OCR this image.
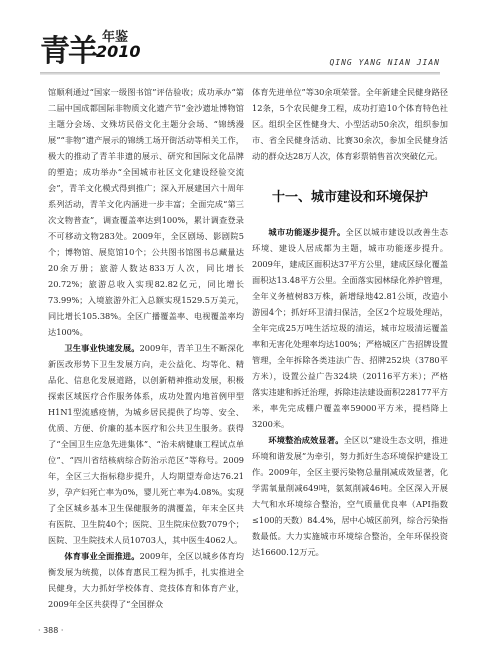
青羊 年鉴
2010
QING YANG NIAN JIAN

馆顺利通过“国家一级图书馆”评估验收；成功承办“第二届中国成都国际非物质文化遗产节”金沙遗址博物馆主题分会场、文殊坊民俗文化主题分会场、“锦绣漫展”“非物”遗产展示的锦绣工场开街活动等相关工作，极大的推动了青羊非遗的展示、研究和国际文化品牌的塑造；成功举办“全国城市社区文化建设经验交流会”，青羊文化模式得到推广；深入开展建国六十周年系列活动，青羊文化内涵进一步丰富；全面完成“第三次文物普查”，调查覆盖率达到100%，累计调查登录不可移动文物283处。2009年，全区剧场、影剧院5个；博物馆、展览馆10个；公共图书馆图书总藏量达20余万册；旅游人数达833万人次，同比增长20.72%；旅游总收入实现82.82亿元，同比增长73.99%；入境旅游外汇入总额实现1529.5万美元，同比增长105.38%。全区广播覆盖率、电视覆盖率均达100%。

卫生事业快速发展。2009年，青羊卫生不断深化新医改形势下卫生发展方向，走公益化、均等化、精品化、信息化发展道路，以创新精神推动发展，积极探索区域医疗合作服务体系，成功处置内地首例甲型H1N1型流感疫情，为城乡居民提供了均等、安全、优质、方便、价廉的基本医疗和公共卫生服务。获得了“全国卫生应急先进集体”、“治未病健康工程试点单位”、“四川省结核病综合防治示范区”等称号。2009年，全区三大指标稳步提升，人均期望寿命达76.21岁，孕产妇死亡率为0%，婴儿死亡率为4.08%。实现了全区城乡基本卫生保健服务的满覆盖，年末全区共有医院、卫生院40个；医院、卫生院床位数7079个；医院、卫生院技术人员10703人，其中医生4062人。

体育事业全面推进。2009年，全区以城乡体育均衡发展为统揽，以体育惠民工程为抓手，扎实推进全民健身，大力抓好学校体育、竞技体育和体育产业，2009年全区共获得了“全国群众

体育先进单位”等30余项荣誉。全年新建全民健身路径12条，5个农民健身工程，成功打造10个体育特色社区。组织全区性健身大、小型活动50余次，组织参加市、省全民健身活动、比赛30余次，参加全民健身活动的群众达28万人次，体育彩票销售首次突破亿元。

十一、城市建设和环境保护

城市功能逐步提升。全区以城市建设以改善生态环境、建设人居成都为主题，城市功能逐步提升。2009年，建成区面积达37平方公里，建成区绿化覆盖面积达13.48平方公里。全面落实园林绿化养护管理，全年义务植树83万株，新增绿地42.81公顷，改造小游园4个；抓好环卫清扫保洁，全区2个垃圾处理站，全年完成25万吨生活垃圾的清运，城市垃圾清运覆盖率和无害化处理率均达100%；严格城区广告招牌设置管理，全年拆除各类违法广告、招牌252块（3780平方米），设置公益广告324块（20116平方米）；严格落实违建和拆迁治理，拆除违法建设面积228177平方米，率先完成棚户覆盖率59000平方米，提档降上3200米。

环境整治成效显著。全区以“建设生态文明，推进环境和谐发展”为牵引，努力抓好生态环境保护建设工作。2009年，全区主要污染物总量削减成效显著，化学需氧量削减649吨，氨氮削减46吨。全区深入开展大气和水环境综合整治，空气质量优良率（API指数≤100的天数）84.4%，居中心城区前列，综合污染指数最低。大力实施城市环境综合整治，全年环保投资达16600.12万元。

· 388 ·
